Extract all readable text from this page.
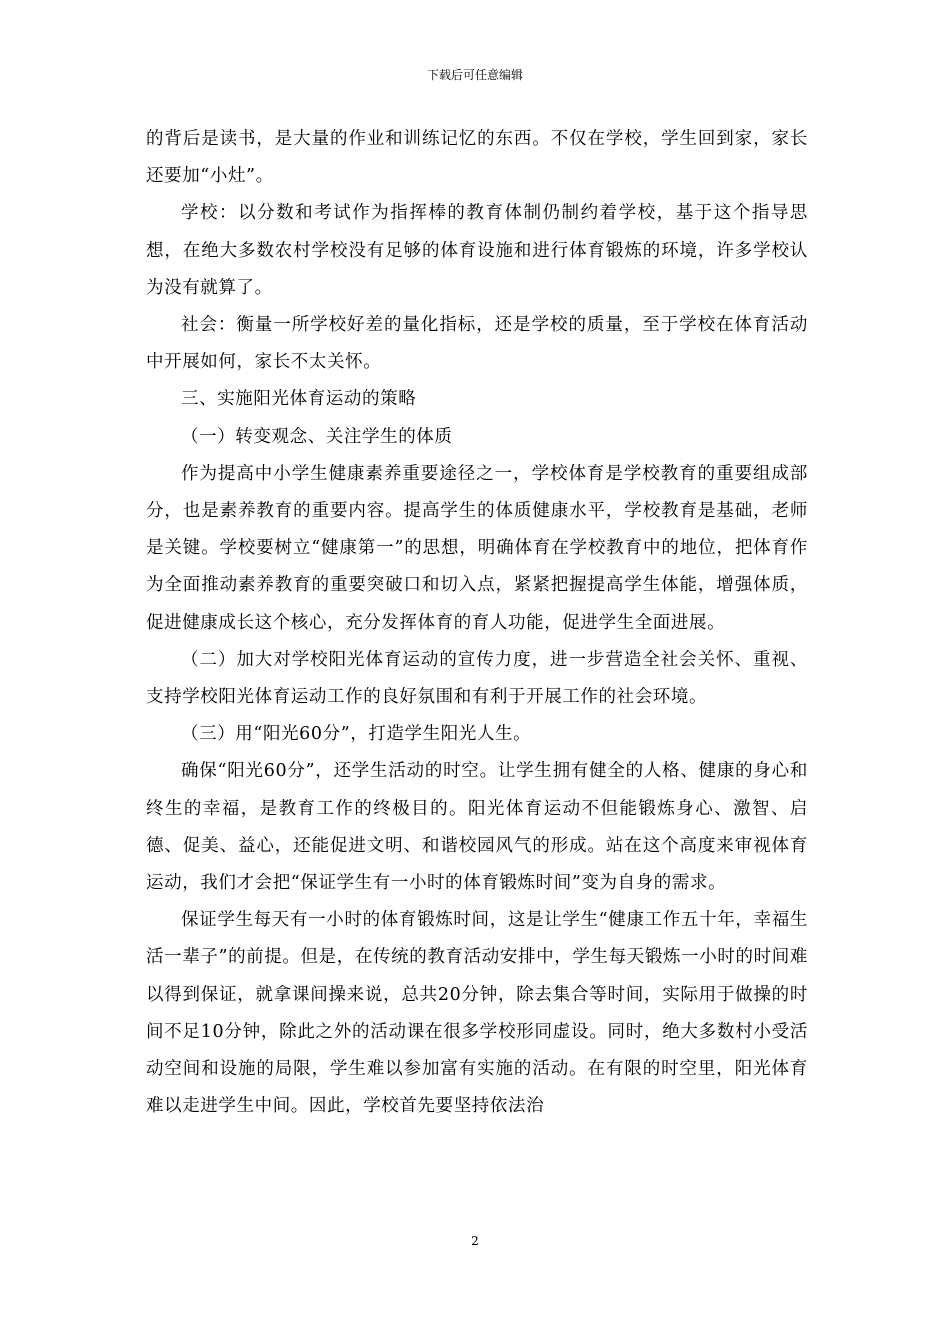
下载后可任意编辑

的背后是读书，是大量的作业和训练记忆的东西。不仅在学校，学生回到家，家长还要加“小灶”。

学校：以分数和考试作为指挥棒的教育体制仍制约着学校，基于这个指导思想，在绝大多数农村学校没有足够的体育设施和进行体育锻炼的环境，许多学校认为没有就算了。

社会：衡量一所学校好差的量化指标，还是学校的质量，至于学校在体育活动中开展如何，家长不太关怀。

三、实施阳光体育运动的策略

（一）转变观念、关注学生的体质

作为提高中小学生健康素养重要途径之一，学校体育是学校教育的重要组成部分，也是素养教育的重要内容。提高学生的体质健康水平，学校教育是基础，老师是关键。学校要树立“健康第一”的思想，明确体育在学校教育中的地位，把体育作为全面推动素养教育的重要突破口和切入点，紧紧把握提高学生体能，增强体质，促进健康成长这个核心，充分发挥体育的育人功能，促进学生全面进展。

（二）加大对学校阳光体育运动的宣传力度，进一步营造全社会关怀、重视、支持学校阳光体育运动工作的良好氛围和有利于开展工作的社会环境。

（三）用“阳光60分”，打造学生阳光人生。

确保“阳光60分”，还学生活动的时空。让学生拥有健全的人格、健康的身心和终生的幸福，是教育工作的终极目的。阳光体育运动不但能锻炼身心、激智、启德、促美、益心，还能促进文明、和谐校园风气的形成。站在这个高度来审视体育运动，我们才会把“保证学生有一小时的体育锻炼时间”变为自身的需求。

保证学生每天有一小时的体育锻炼时间，这是让学生“健康工作五十年，幸福生活一辈子”的前提。但是，在传统的教育活动安排中，学生每天锻炼一小时的时间难以得到保证，就拿课间操来说，总共20分钟，除去集合等时间，实际用于做操的时间不足10分钟，除此之外的活动课在很多学校形同虚设。同时，绝大多数村小受活动空间和设施的局限，学生难以参加富有实施的活动。在有限的时空里，阳光体育难以走进学生中间。因此，学校首先要坚持依法治

2
